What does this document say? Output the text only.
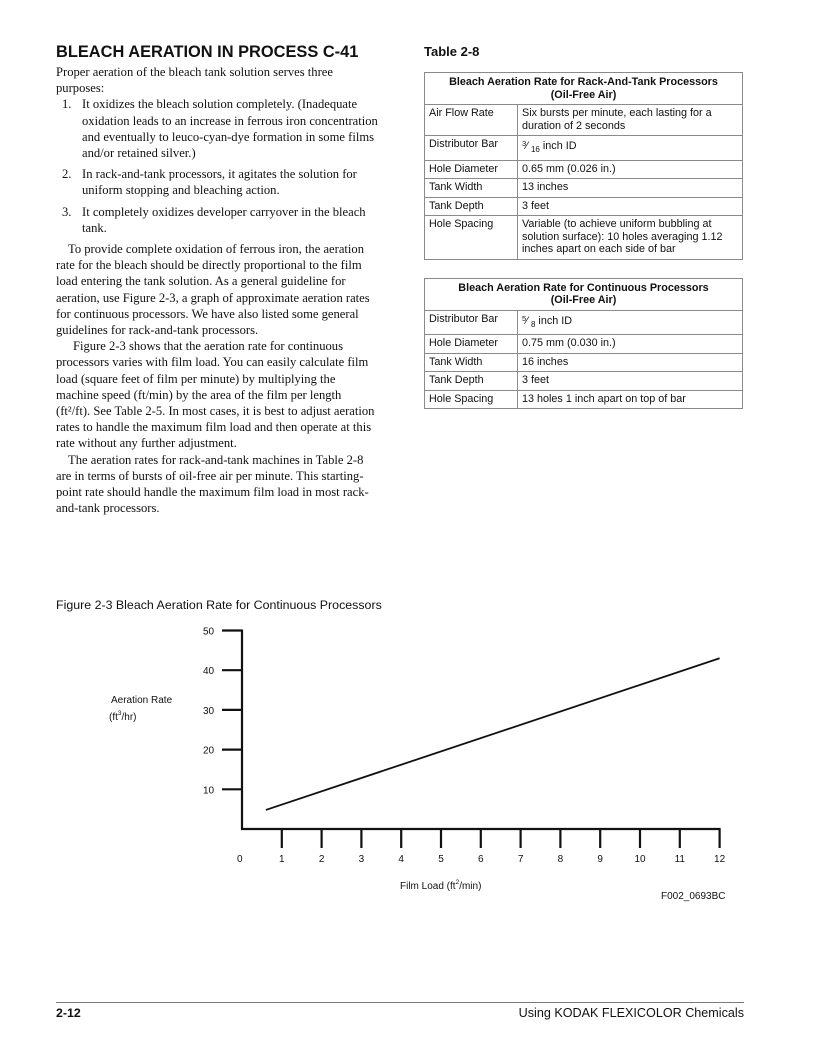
BLEACH AERATION IN PROCESS C-41

Proper aeration of the bleach tank solution serves three purposes:

1. It oxidizes the bleach solution completely. (Inadequate oxidation leads to an increase in ferrous iron concentration and eventually to leuco-cyan-dye formation in some films and/or retained silver.)
2. In rack-and-tank processors, it agitates the solution for uniform stopping and bleaching action.
3. It completely oxidizes developer carryover in the bleach tank.

To provide complete oxidation of ferrous iron, the aeration rate for the bleach should be directly proportional to the film load entering the tank solution. As a general guideline for aeration, use Figure 2-3, a graph of approximate aeration rates for continuous processors. We have also listed some general guidelines for rack-and-tank processors.

Figure 2-3 shows that the aeration rate for continuous processors varies with film load. You can easily calculate film load (square feet of film per minute) by multiplying the machine speed (ft/min) by the area of the film per length (ft²/ft). See Table 2-5. In most cases, it is best to adjust aeration rates to handle the maximum film load and then operate at this rate without any further adjustment.

The aeration rates for rack-and-tank machines in Table 2-8 are in terms of bursts of oil-free air per minute. This starting-point rate should handle the maximum film load in most rack-and-tank processors.

Table 2-8
Bleach Aeration Rate for Rack-And-Tank Processors
(Oil-Free Air)	
Air Flow Rate	Six bursts per minute, each lasting for a duration of 2 seconds
Distributor Bar	$^3$⁄ $_{16}$ inch ID
Hole Diameter	0.65 mm (0.026 in.)
Tank Width	13 inches
Tank Depth	3 feet
Hole Spacing	Variable (to achieve uniform bubbling at solution surface): 10 holes averaging 1.12 inches apart on each side of bar
Bleach Aeration Rate for Continuous Processors
(Oil-Free Air)	
Distributor Bar	$^5$⁄ $_8$ inch ID
Hole Diameter	0.75 mm (0.030 in.)
Tank Width	16 inches
Tank Depth	3 feet
Hole Spacing	13 holes 1 inch apart on top of bar
Figure 2-3 Bleach Aeration Rate for Continuous Processors
10
20
30
40
50
0	1	2	3	4	5	6	7	8	9	10	11	12
Aeration Rate
$(ft^3/hr)$
Film Load $(ft^2/\min)$
F002_0693BC
2-12	Using KODAK FLEXICOLOR Chemicals
